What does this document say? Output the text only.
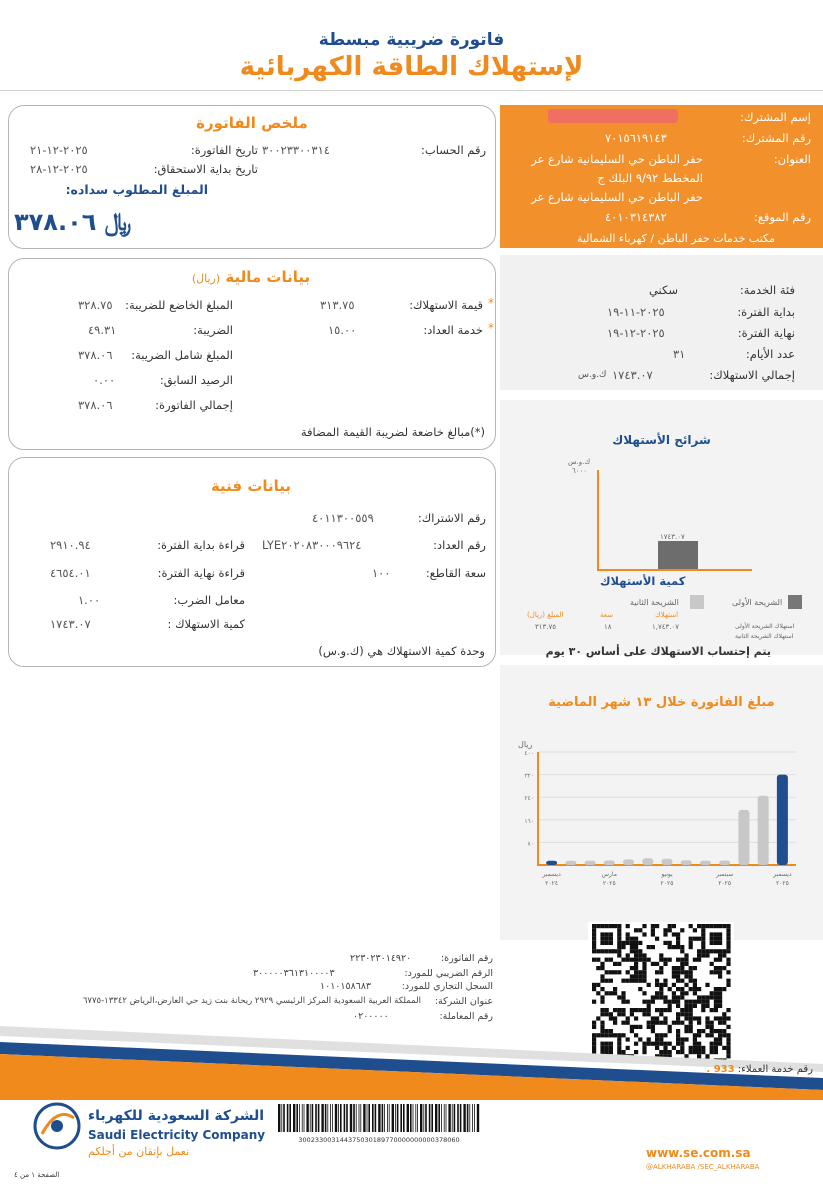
فاتورة ضريبية مبسطة
لإستهلاك الطاقة الكهربائية
ملخص الفاتورة
رقم الحساب:
٣٠٠٢٣٣٠٠٣١٤
تاريخ الفاتورة:
٢٠٢٥-١٢-٢١
تاريخ بداية الاستحقاق:
٢٠٢٥-١٢-٢٨
المبلغ المطلوب سداده:
﷼ ٣٧٨.٠٦
إسم المشترك:
رقم المشترك:
٧٠١٥٦١٩١٤٣
العنوان:
حفر الباطن حي السليمانية شارع عر
المخطط ٩/٩٢ البلك ج
حفر الباطن حي السليمانية شارع عر
رقم الموقع:
٤٠١٠٣١٤٣٨٢
مكتب خدمات حفر الباطن / كهرباء الشمالية
فئة الخدمة:
سكني
بداية الفترة:
٢٠٢٥-١١-١٩
نهاية الفترة:
٢٠٢٥-١٢-١٩
عدد الأيام:
٣١
إجمالي الاستهلاك:
١٧٤٣.٠٧
ك.و.س
بيانات مالية (ريال)
*
قيمة الاستهلاك:
٣١٣.٧٥
المبلغ الخاضع للضريبة:
٣٢٨.٧٥
*
خدمة العداد:
١٥.٠٠
الضريبة:
٤٩.٣١
المبلغ شامل الضريبة:
٣٧٨.٠٦
الرصيد السابق:
٠.٠٠
إجمالي الفاتورة:
٣٧٨.٠٦
(*)مبالغ خاضعة لضريبة القيمة المضافة
بيانات فنية
رقم الاشتراك:
٤٠١١٣٠٠٥٥٩
رقم العداد:
LYE٢٠٢٠٨٣٠٠٠٩٦٢٤
قراءة بداية الفترة:
٢٩١٠.٩٤
سعة القاطع:
١٠٠
قراءة نهاية الفترة:
٤٦٥٤.٠١
معامل الضرب:
١.٠٠
كمية الاستهلاك :
١٧٤٣.٠٧
وحدة كمية الاستهلاك هي (ك.و.س)
شرائح الأستهلاك
ك.و.س
٦٠٠٠
١٧٤٣.٠٧
كمية الأستهلاك
الشريحة الأولى
الشريحة الثانية
المبلغ (ريال)	سعة	استهلاك
٣١٣.٧٥	١٨	١,٧٤٣.٠٧	استهلاك الشريحة الأولى
استهلاك الشريحة الثانية
يتم إحتساب الاستهلاك على أساس ٣٠ يوم
مبلغ الفاتورة خلال ١٣ شهر الماضية
ريال
٤٠٠
٣٢٠
٢٤٠
١٦٠
٨٠
ديسمبر
٢٠٢٤
مارس
٢٠٢٥
يونيو
٢٠٢٥
سبتمبر
٢٠٢٥
ديسمبر
٢٠٢٥
رقم الفاتورة:
٢٢٣٠٢٣٠١٤٩٢٠
الرقم الضريبي للمورد:
٣٠٠٠٠٠٣٦١٣١٠٠٠٠٣
السجل التجاري للمورد:
١٠١٠١٥٨٦٨٣
عنوان الشركة:
المملكة العربية السعودية المركز الرئيسي ٢٩٢٩ ريحانة بنت زيد حي العارض،الرياض ١٣٣٤٢-٦٧٧٥
رقم المعاملة:
٠٢٠٠٠٠٠
رقم خدمة العملاء: 933 .
300233003144375030189770000000000378060
الشركة السعودية للكهرباء
Saudi Electricity Company
نعمل بإتقان من أجلكم
الصفحة ١ من ٤
www.se.com.sa
@ALKHARABA /SEC_ALKHARABA
